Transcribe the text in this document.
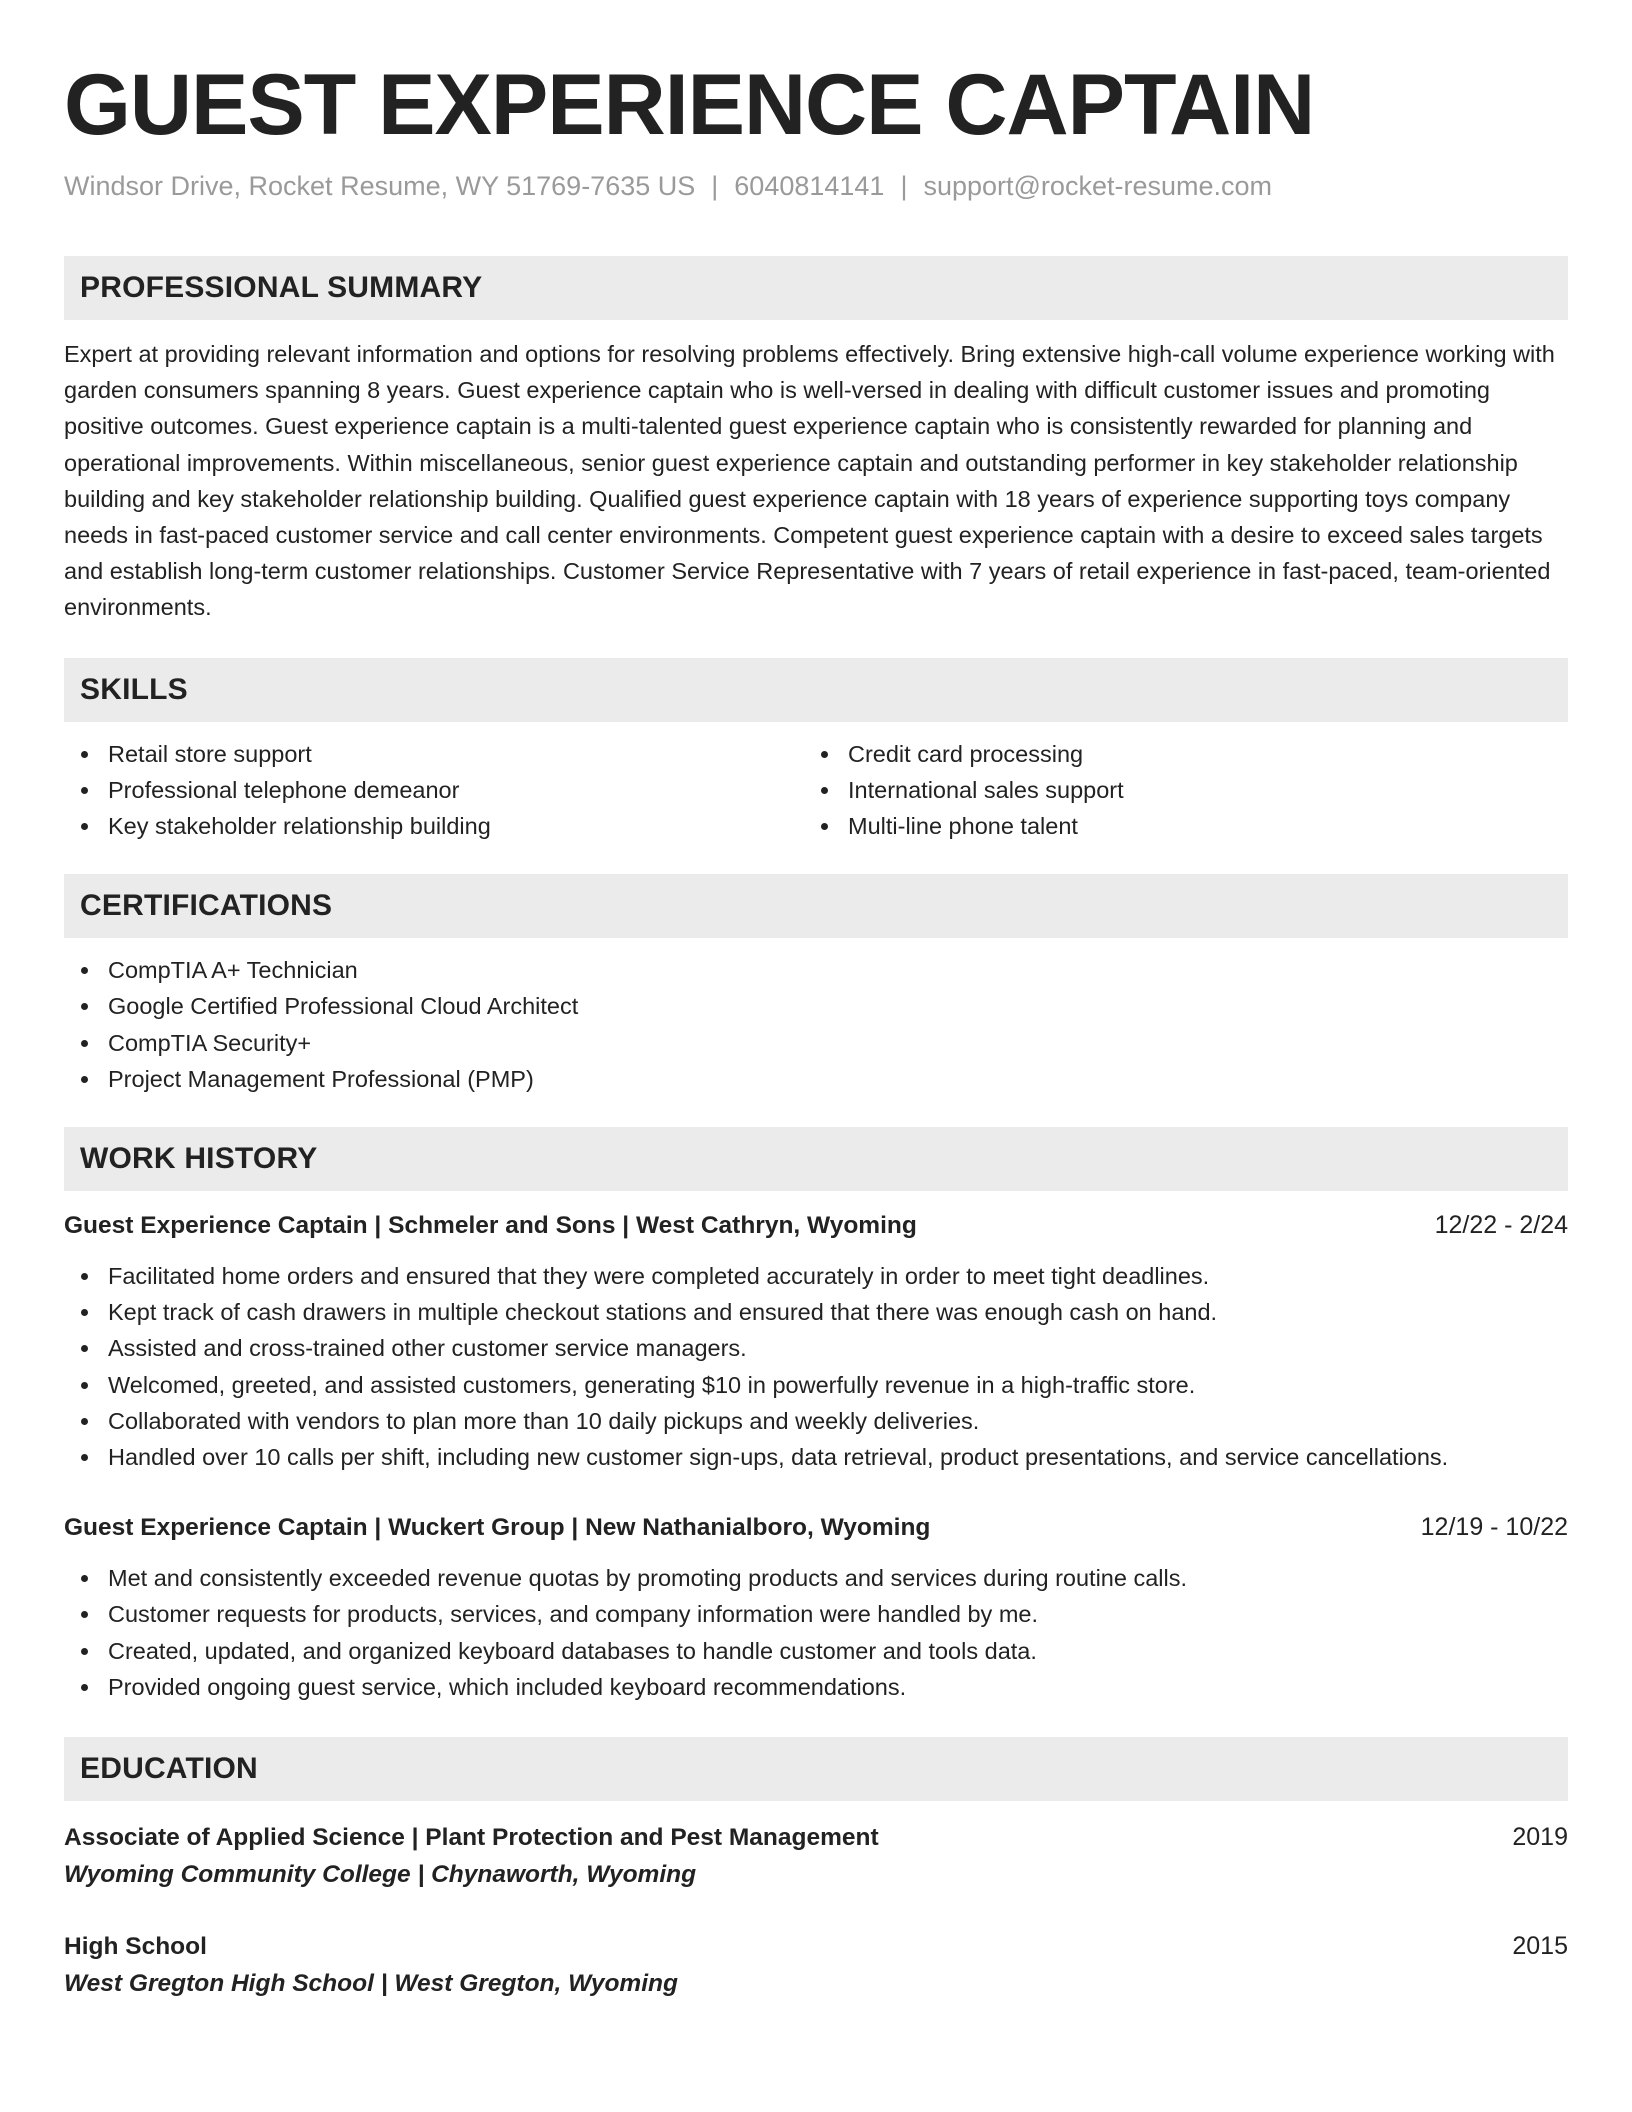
GUEST EXPERIENCE CAPTAIN
Windsor Drive, Rocket Resume, WY 51769-7635 US | 6040814141 | support@rocket-resume.com
PROFESSIONAL SUMMARY
Expert at providing relevant information and options for resolving problems effectively. Bring extensive high-call volume experience working with garden consumers spanning 8 years. Guest experience captain who is well-versed in dealing with difficult customer issues and promoting positive outcomes. Guest experience captain is a multi-talented guest experience captain who is consistently rewarded for planning and operational improvements. Within miscellaneous, senior guest experience captain and outstanding performer in key stakeholder relationship building and key stakeholder relationship building. Qualified guest experience captain with 18 years of experience supporting toys company needs in fast-paced customer service and call center environments. Competent guest experience captain with a desire to exceed sales targets and establish long-term customer relationships. Customer Service Representative with 7 years of retail experience in fast-paced, team-oriented environments.
SKILLS
Retail store support
Professional telephone demeanor
Key stakeholder relationship building
Credit card processing
International sales support
Multi-line phone talent
CERTIFICATIONS
CompTIA A+ Technician
Google Certified Professional Cloud Architect
CompTIA Security+
Project Management Professional (PMP)
WORK HISTORY
Guest Experience Captain | Schmeler and Sons | West Cathryn, Wyoming	12/22 - 2/24
Facilitated home orders and ensured that they were completed accurately in order to meet tight deadlines.
Kept track of cash drawers in multiple checkout stations and ensured that there was enough cash on hand.
Assisted and cross-trained other customer service managers.
Welcomed, greeted, and assisted customers, generating $10 in powerfully revenue in a high-traffic store.
Collaborated with vendors to plan more than 10 daily pickups and weekly deliveries.
Handled over 10 calls per shift, including new customer sign-ups, data retrieval, product presentations, and service cancellations.
Guest Experience Captain | Wuckert Group | New Nathanialboro, Wyoming	12/19 - 10/22
Met and consistently exceeded revenue quotas by promoting products and services during routine calls.
Customer requests for products, services, and company information were handled by me.
Created, updated, and organized keyboard databases to handle customer and tools data.
Provided ongoing guest service, which included keyboard recommendations.
EDUCATION
Associate of Applied Science | Plant Protection and Pest Management	2019
Wyoming Community College | Chynaworth, Wyoming
High School	2015
West Gregton High School | West Gregton, Wyoming
